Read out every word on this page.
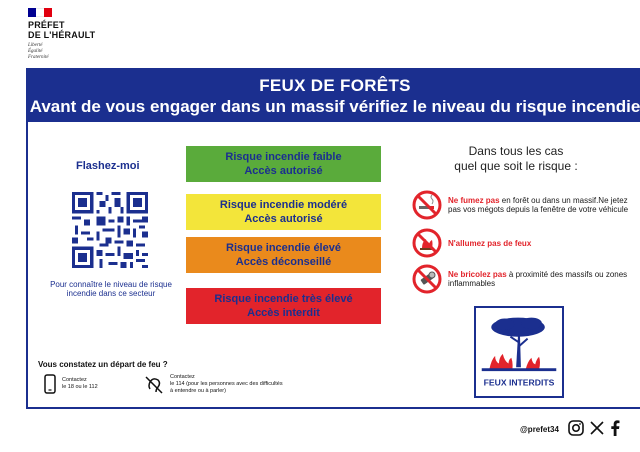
PRÉFET
DE L'HÉRAULT
Liberté
Égalité
Fraternité
FEUX DE FORÊTS
Avant de vous engager dans un massif vérifiez le niveau du risque incendie
Flashez-moi
Pour connaître le niveau de risque incendie dans ce secteur
Risque incendie faible
Accès autorisé
Risque incendie modéré
Accès autorisé
Risque incendie élevé
Accès déconseillé
Risque incendie très élevé
Accès interdit
Dans tous les cas
quel que soit le risque :
Ne fumez pas en forêt ou dans un massif.Ne jetez pas vos mégots depuis la fenêtre de votre véhicule
N'allumez pas de feux
Ne bricolez pas à proximité des massifs ou zones inflammables
FEUX INTERDITS
Vous constatez un départ de feu ?
Contactez
le 18 ou le 112
Contactez
le 114 (pour les personnes avec des difficultés
à entendre ou à parler)
@prefet34
